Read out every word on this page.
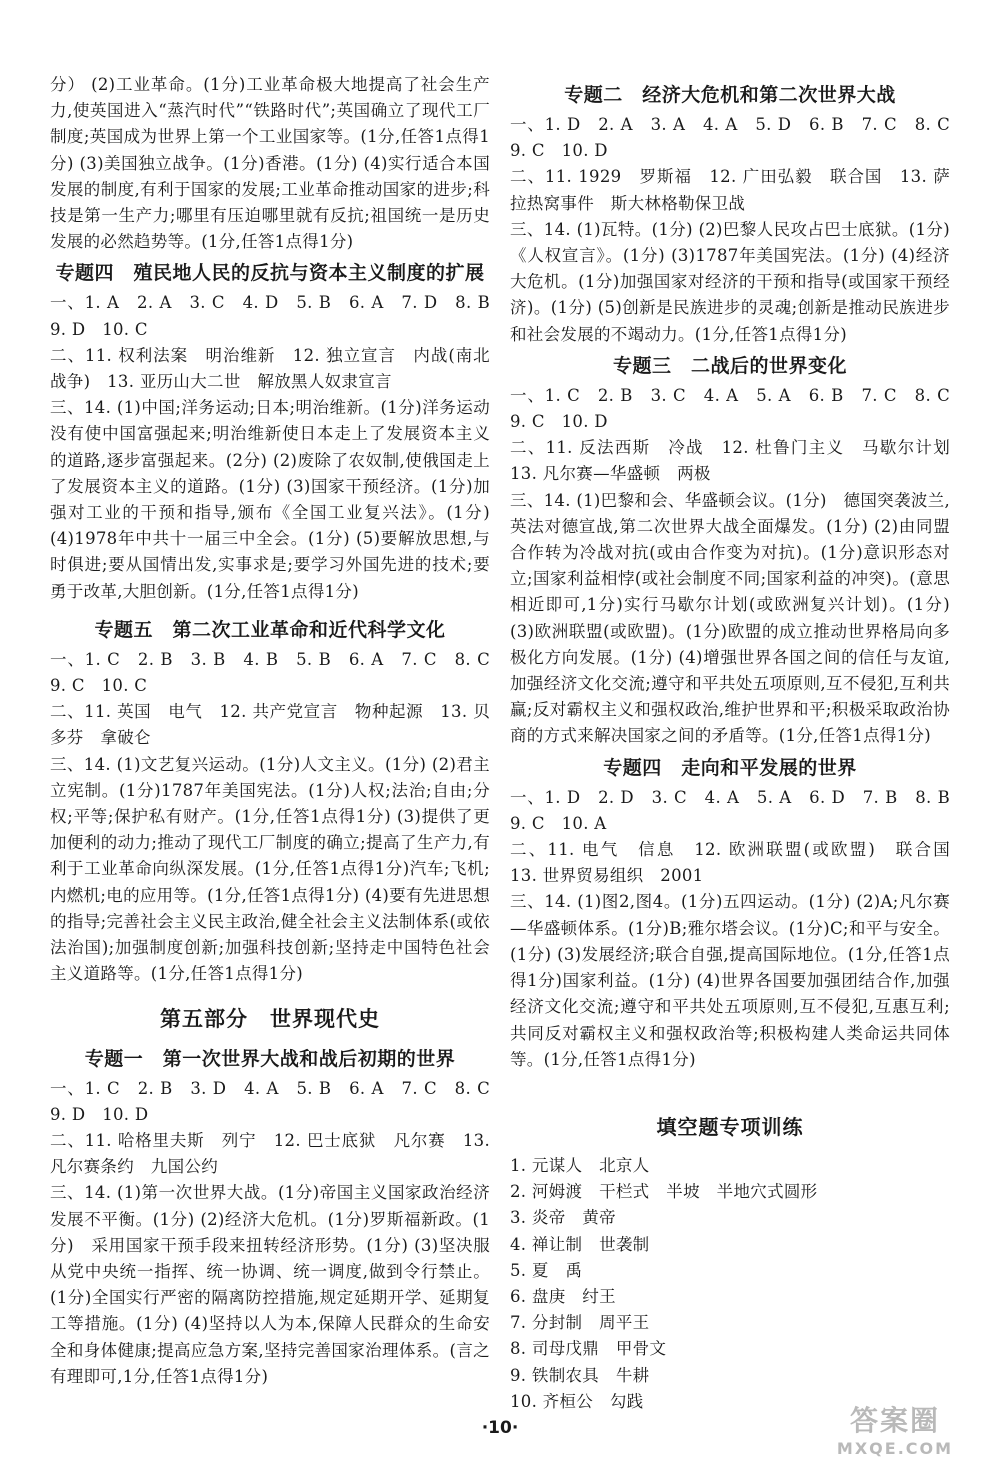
分） (2)工业革命。(1分)工业革命极大地提高了社会生产力,使英国进入“蒸汽时代”“铁路时代”;英国确立了现代工厂制度;英国成为世界上第一个工业国家等。(1分,任答1点得1分) (3)美国独立战争。(1分)香港。(1分) (4)实行适合本国发展的制度,有利于国家的发展;工业革命推动国家的进步;科技是第一生产力;哪里有压迫哪里就有反抗;祖国统一是历史发展的必然趋势等。(1分,任答1点得1分)

专题四　殖民地人民的反抗与资本主义制度的扩展

一、1. A　2. A　3. C　4. D　5. B　6. A　7. D　8. B　9. D　10. C

二、11. 权利法案　明治维新　12. 独立宣言　内战(南北战争)　13. 亚历山大二世　解放黑人奴隶宣言

三、14. (1)中国;洋务运动;日本;明治维新。(1分)洋务运动没有使中国富强起来;明治维新使日本走上了发展资本主义的道路,逐步富强起来。(2分) (2)废除了农奴制,使俄国走上了发展资本主义的道路。(1分) (3)国家干预经济。(1分)加强对工业的干预和指导,颁布《全国工业复兴法》。(1分) (4)1978年中共十一届三中全会。(1分) (5)要解放思想,与时俱进;要从国情出发,实事求是;要学习外国先进的技术;要勇于改革,大胆创新。(1分,任答1点得1分)

专题五　第二次工业革命和近代科学文化

一、1. C　2. B　3. B　4. B　5. B　6. A　7. C　8. C　9. C　10. C

二、11. 英国　电气　12. 共产党宣言　物种起源　13. 贝多芬　拿破仑

三、14. (1)文艺复兴运动。(1分)人文主义。(1分) (2)君主立宪制。(1分)1787年美国宪法。(1分)人权;法治;自由;分权;平等;保护私有财产。(1分,任答1点得1分) (3)提供了更加便利的动力;推动了现代工厂制度的确立;提高了生产力,有利于工业革命向纵深发展。(1分,任答1点得1分)汽车;飞机;内燃机;电的应用等。(1分,任答1点得1分) (4)要有先进思想的指导;完善社会主义民主政治,健全社会主义法制体系(或依法治国);加强制度创新;加强科技创新;坚持走中国特色社会主义道路等。(1分,任答1点得1分)

第五部分　世界现代史
专题一　第一次世界大战和战后初期的世界

一、1. C　2. B　3. D　4. A　5. B　6. A　7. C　8. C　9. D　10. D

二、11. 哈格里夫斯　列宁　12. 巴士底狱　凡尔赛　13. 凡尔赛条约　九国公约

三、14. (1)第一次世界大战。(1分)帝国主义国家政治经济发展不平衡。(1分) (2)经济大危机。(1分)罗斯福新政。(1分)　采用国家干预手段来扭转经济形势。(1分) (3)坚决服从党中央统一指挥、统一协调、统一调度,做到令行禁止。(1分)全国实行严密的隔离防控措施,规定延期开学、延期复工等措施。(1分) (4)坚持以人为本,保障人民群众的生命安全和身体健康;提高应急方案,坚持完善国家治理体系。(言之有理即可,1分,任答1点得1分)

专题二　经济大危机和第二次世界大战

一、1. D　2. A　3. A　4. A　5. D　6. B　7. C　8. C　9. C　10. D

二、11. 1929　罗斯福　12. 广田弘毅　联合国　13. 萨拉热窝事件　斯大林格勒保卫战

三、14. (1)瓦特。(1分) (2)巴黎人民攻占巴士底狱。(1分)《人权宣言》。(1分) (3)1787年美国宪法。(1分) (4)经济大危机。(1分)加强国家对经济的干预和指导(或国家干预经济)。(1分) (5)创新是民族进步的灵魂;创新是推动民族进步和社会发展的不竭动力。(1分,任答1点得1分)

专题三　二战后的世界变化

一、1. C　2. B　3. C　4. A　5. A　6. B　7. C　8. C　9. C　10. D

二、11. 反法西斯　冷战　12. 杜鲁门主义　马歇尔计划　13. 凡尔赛—华盛顿　两极

三、14. (1)巴黎和会、华盛顿会议。(1分)　德国突袭波兰,英法对德宣战,第二次世界大战全面爆发。(1分) (2)由同盟合作转为冷战对抗(或由合作变为对抗)。(1分)意识形态对立;国家利益相悖(或社会制度不同;国家利益的冲突)。(意思相近即可,1分)实行马歇尔计划(或欧洲复兴计划)。(1分) (3)欧洲联盟(或欧盟)。(1分)欧盟的成立推动世界格局向多极化方向发展。(1分) (4)增强世界各国之间的信任与友谊,加强经济文化交流;遵守和平共处五项原则,互不侵犯,互利共赢;反对霸权主义和强权政治,维护世界和平;积极采取政治协商的方式来解决国家之间的矛盾等。(1分,任答1点得1分)

专题四　走向和平发展的世界

一、1. D　2. D　3. C　4. A　5. A　6. D　7. B　8. B　9. C　10. A

二、11. 电气　信息　12. 欧洲联盟(或欧盟)　联合国　13. 世界贸易组织　2001

三、14. (1)图2,图4。(1分)五四运动。(1分) (2)A;凡尔赛—华盛顿体系。(1分)B;雅尔塔会议。(1分)C;和平与安全。(1分) (3)发展经济;联合自强,提高国际地位。(1分,任答1点得1分)国家利益。(1分) (4)世界各国要加强团结合作,加强经济文化交流;遵守和平共处五项原则,互不侵犯,互惠互利;共同反对霸权主义和强权政治等;积极构建人类命运共同体等。(1分,任答1点得1分)

填空题专项训练
1. 元谋人　北京人
2. 河姆渡　干栏式　半坡　半地穴式圆形
3. 炎帝　黄帝
4. 禅让制　世袭制
5. 夏　禹
6. 盘庚　纣王
7. 分封制　周平王
8. 司母戊鼎　甲骨文
9. 铁制农具　牛耕
10. 齐桓公　勾践
·10·	答案圈
MXQE.COM
